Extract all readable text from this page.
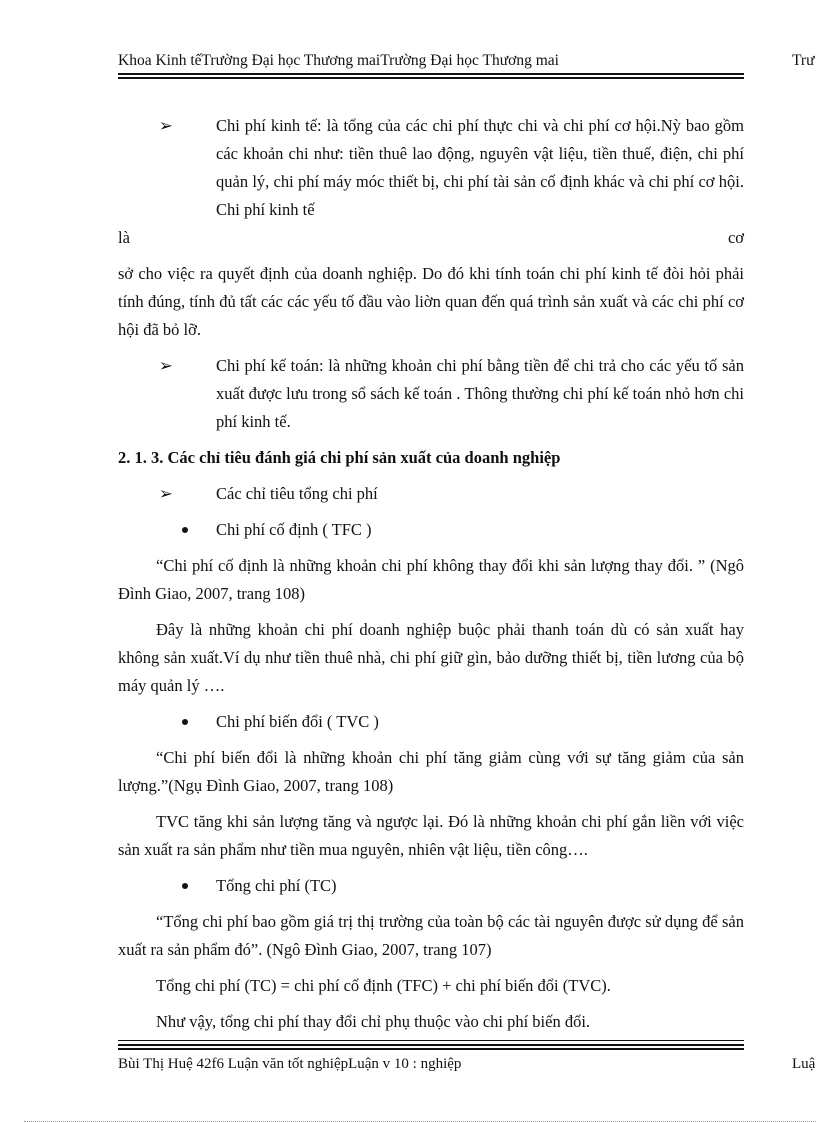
Khoa Kinh tếTrường Đại học Thương maiTrường Đại học Thương mai	Trư

➢	Chi phí kinh tế: là tổng của các chi phí thực chi và chi phí cơ hội.Nỳ bao gồm các khoản chi như: tiền thuê lao động, nguyên vật liệu, tiền thuế, điện, chi phí quản lý, chi phí máy móc thiết bị, chi phí tài sản cố định khác và chi phí cơ hội. Chi phí kinh tế

là	cơ

sở cho việc ra quyết định của doanh nghiệp. Do đó khi tính toán chi phí kinh tế đòi hỏi phải tính đúng, tính đủ tất các các yếu tố đầu vào liờn quan đến quá trình sản xuất và các chi phí cơ hội đã bỏ lỡ.

➢	Chi phí kế toán: là những khoản chi phí bằng tiền để chi trả cho các yếu tố sản xuất được lưu trong sổ sách kế toán . Thông thường chi phí kế toán nhỏ hơn chi phí kinh tế.

2. 1. 3. Các chỉ tiêu đánh giá chi phí sản xuất của doanh nghiệp

➢	Các chỉ tiêu tổng chi phí

Chi phí cố định ( TFC )

“Chi phí cố định là những khoản chi phí không thay đổi khi sản lượng thay đổi. ” (Ngô Đình Giao, 2007, trang 108)

Đây là những khoản chi phí doanh nghiệp buộc phải thanh toán dù có sản xuất hay không sản xuất.Ví dụ như tiền thuê nhà, chi phí giữ gìn, bảo dưỡng thiết bị, tiền lương của bộ máy quản lý ….

Chi phí biến đổi ( TVC )

“Chi phí biến đổi là những khoản chi phí tăng giảm cùng với sự tăng giảm của sản lượng.”(Ngụ Đình Giao, 2007, trang 108)

TVC tăng khi sản lượng tăng và ngược lại. Đó là những khoản chi phí gắn liền với việc sản xuất ra sản phẩm như tiền mua nguyên, nhiên vật liệu, tiền công….

Tổng chi phí (TC)

“Tổng chi phí bao gồm giá trị thị trường của toàn bộ các tài nguyên được sử dụng để sản xuất ra sản phẩm đó”. (Ngô Đình Giao, 2007, trang 107)

Tổng chi phí (TC) = chi phí cố định (TFC) + chi phí biến đổi (TVC).

Như vậy, tổng chi phí thay đổi chỉ phụ thuộc vào chi phí biến đổi.

Bùi Thị Huệ 42f6 Luận văn tốt nghiệpLuận v 10 : nghiệp	Luậ
